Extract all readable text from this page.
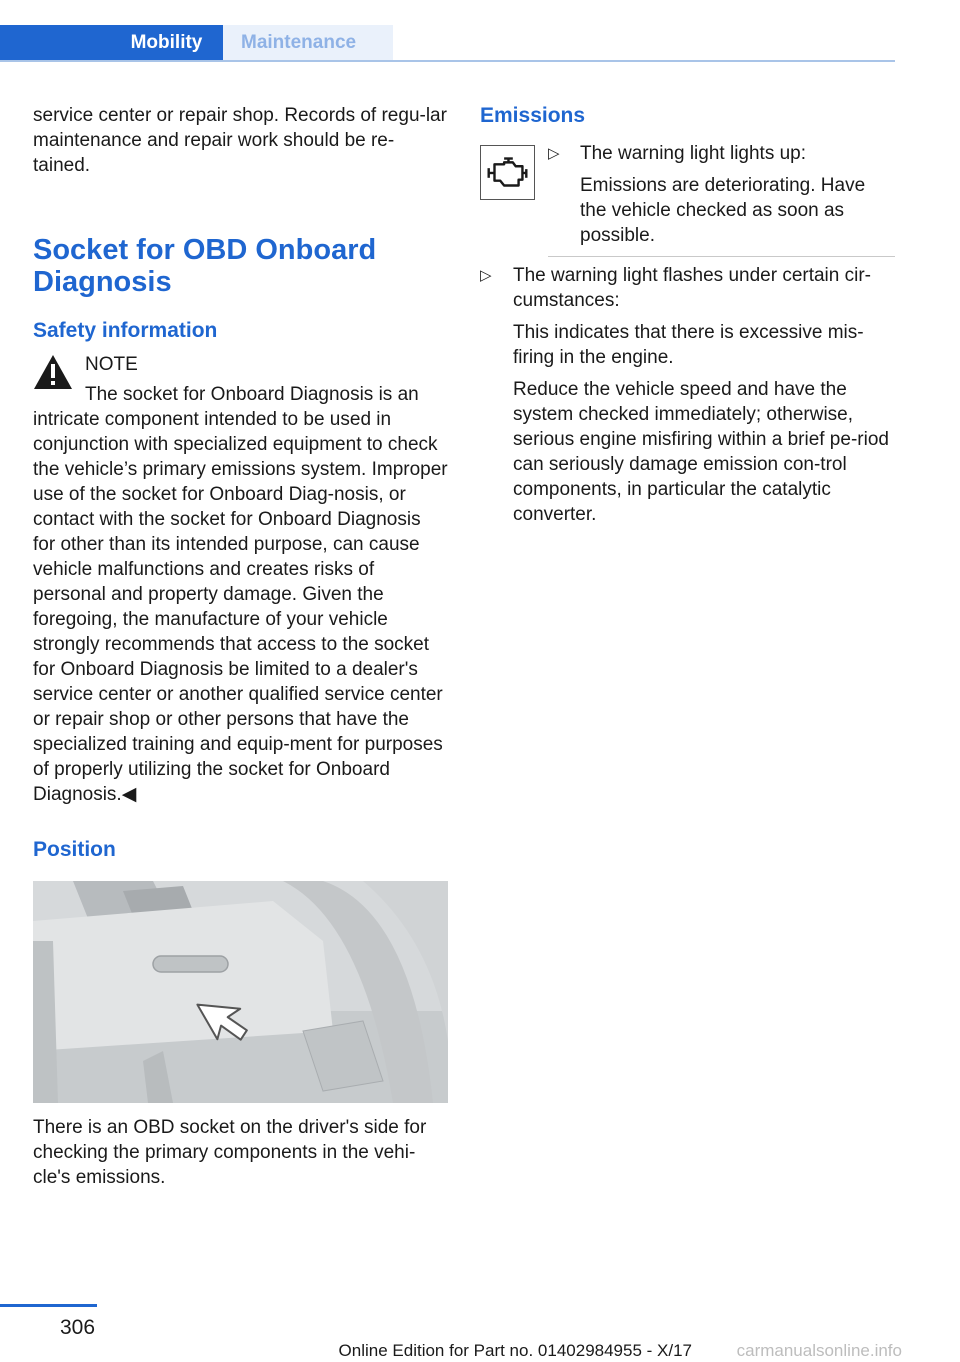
Mobility	Maintenance

service center or repair shop. Records of regu‐lar maintenance and repair work should be re‐tained.

Socket for OBD Onboard Diagnosis
Safety information
NOTE
The socket for Onboard Diagnosis is an

intricate component intended to be used in conjunction with specialized equipment to check the vehicle’s primary emissions system. Improper use of the socket for Onboard Diag‐nosis, or contact with the socket for Onboard Diagnosis for other than its intended purpose, can cause vehicle malfunctions and creates risks of personal and property damage. Given the foregoing, the manufacture of your vehicle strongly recommends that access to the socket for Onboard Diagnosis be limited to a dealer's service center or another qualified service center or repair shop or other persons that have the specialized training and equip‐ment for purposes of properly utilizing the socket for Onboard Diagnosis.◀

Position

There is an OBD socket on the driver's side for checking the primary components in the vehi‐cle's emissions.

Emissions
▷ The warning light lights up:

Emissions are deteriorating. Have the vehicle checked as soon as possible.

▷ The warning light flashes under certain cir‐cumstances:

This indicates that there is excessive mis‐firing in the engine.

Reduce the vehicle speed and have the system checked immediately; otherwise, serious engine misfiring within a brief pe‐riod can seriously damage emission con‐trol components, in particular the catalytic converter.

306
Online Edition for Part no. 01402984955 - X/17	carmanualsonline.info
